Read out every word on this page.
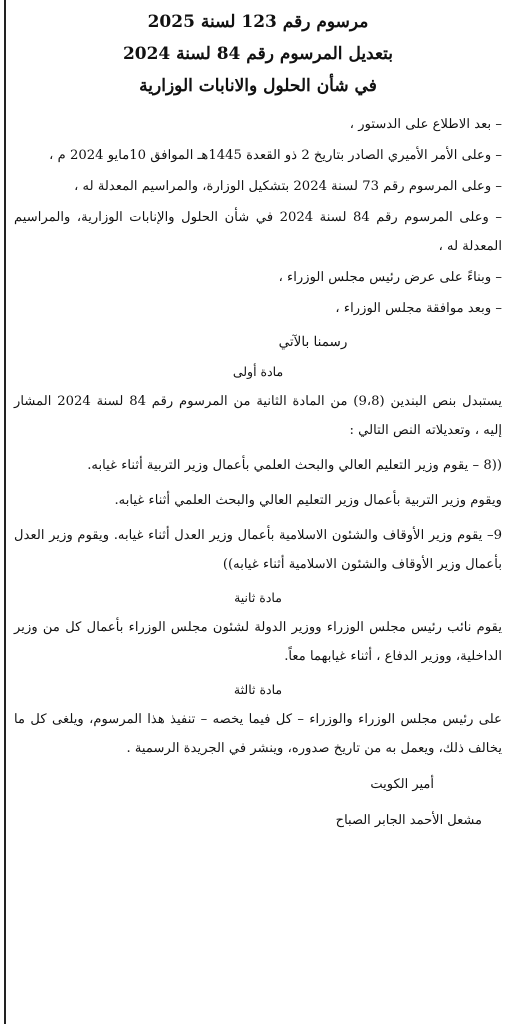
مرسوم رقم 123 لسنة 2025
بتعديل المرسوم رقم 84 لسنة 2024
في شأن الحلول والانابات الوزارية

– بعد الاطلاع على الدستور ،

– وعلى الأمر الأميري الصادر بتاريخ 2 ذو القعدة 1445هـ الموافق 10مايو 2024 م ،

– وعلى المرسوم رقم 73 لسنة 2024 بتشكيل الوزارة، والمراسيم المعدلة له ،

– وعلى المرسوم رقم 84 لسنة 2024 في شأن الحلول والإنابات الوزارية، والمراسيم المعدلة له ،

– وبناءً على عرض رئيس مجلس الوزراء ،

– وبعد موافقة مجلس الوزراء ،

رسمنا بالآتي

مادة أولى

يستبدل بنص البندين (9،8) من المادة الثانية من المرسوم رقم 84 لسنة 2024 المشار إليه ، وتعديلاته النص التالي :

((8 – يقوم وزير التعليم العالي والبحث العلمي بأعمال وزير التربية أثناء غيابه.

ويقوم وزير التربية بأعمال وزير التعليم العالي والبحث العلمي أثناء غيابه.

9– يقوم وزير الأوقاف والشئون الاسلامية بأعمال وزير العدل أثناء غيابه. ويقوم وزير العدل بأعمال وزير الأوقاف والشئون الاسلامية أثناء غيابه))

مادة ثانية

يقوم نائب رئيس مجلس الوزراء ووزير الدولة لشئون مجلس الوزراء بأعمال كل من وزير الداخلية، ووزير الدفاع ، أثناء غيابهما معاً.

مادة ثالثة

على رئيس مجلس الوزراء والوزراء – كل فيما يخصه – تنفيذ هذا المرسوم، ويلغى كل ما يخالف ذلك، ويعمل به من تاريخ صدوره، وينشر في الجريدة الرسمية .

أمير الكويت

مشعل الأحمد الجابر الصباح
